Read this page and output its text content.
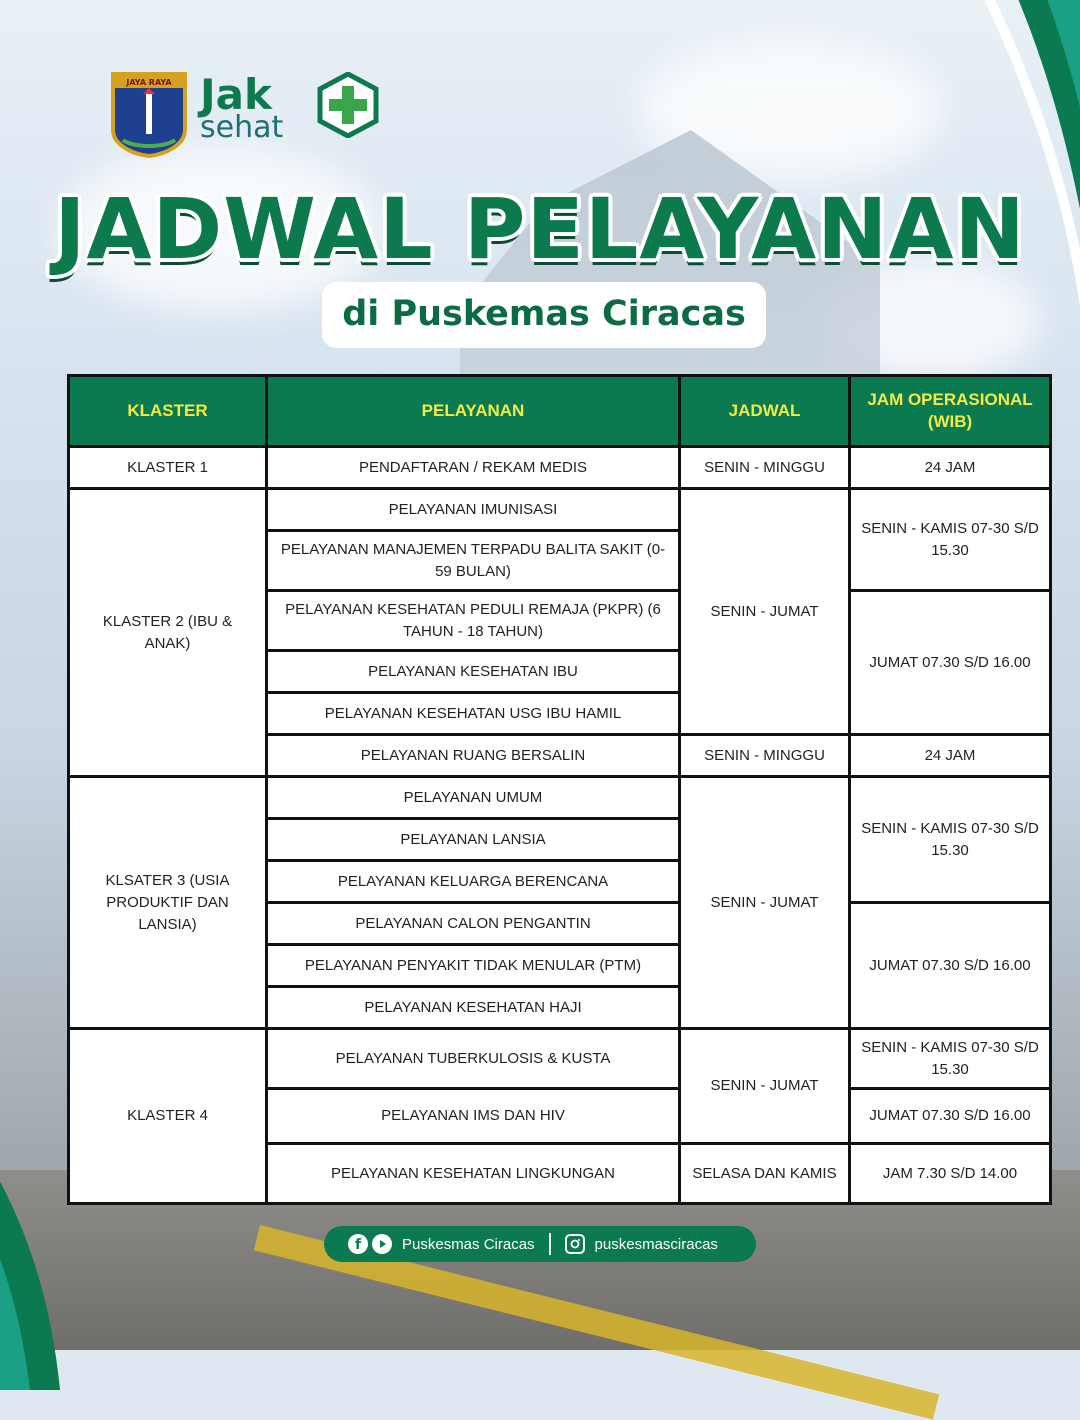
JAYA RAYA Jak
sehat
JADWAL PELAYANAN
di Puskemas Ciracas
KLASTER	PELAYANAN	JADWAL	JAM OPERASIONAL (WIB)
KLASTER 1	PENDAFTARAN / REKAM MEDIS	SENIN - MINGGU	24 JAM
KLASTER 2 (IBU & ANAK)	PELAYANAN IMUNISASI	SENIN - JUMAT	SENIN - KAMIS 07-30 S/D 15.30
	PELAYANAN MANAJEMEN TERPADU BALITA SAKIT (0- 59 BULAN)		
	PELAYANAN KESEHATAN PEDULI REMAJA (PKPR) (6 TAHUN - 18 TAHUN)		JUMAT 07.30 S/D 16.00
	PELAYANAN KESEHATAN IBU		
	PELAYANAN KESEHATAN USG IBU HAMIL		
	PELAYANAN RUANG BERSALIN	SENIN - MINGGU	24 JAM
KLSATER 3 (USIA PRODUKTIF DAN LANSIA)	PELAYANAN UMUM	SENIN - JUMAT	SENIN - KAMIS 07-30 S/D 15.30
	PELAYANAN LANSIA		
	PELAYANAN KELUARGA BERENCANA		
	PELAYANAN CALON PENGANTIN		JUMAT 07.30 S/D 16.00
	PELAYANAN PENYAKIT TIDAK MENULAR (PTM)		
	PELAYANAN KESEHATAN HAJI		
KLASTER 4	PELAYANAN TUBERKULOSIS & KUSTA	SENIN - JUMAT	SENIN - KAMIS 07-30 S/D 15.30
	PELAYANAN IMS DAN HIV		JUMAT 07.30 S/D 16.00
	PELAYANAN KESEHATAN LINGKUNGAN	SELASA DAN KAMIS	JAM 7.30 S/D 14.00
f	Puskesmas Ciracas	puskesmasciracas
